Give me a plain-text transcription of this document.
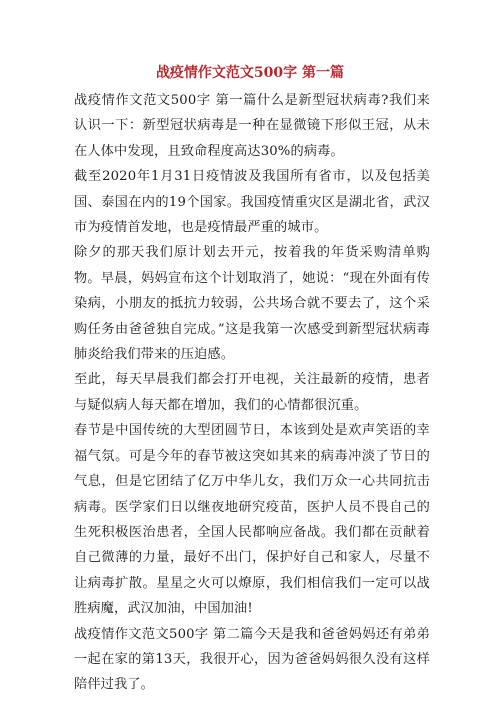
战疫情作文范文500字 第一篇

战疫情作文范文500字 第一篇什么是新型冠状病毒?我们来认识一下：新型冠状病毒是一种在显微镜下形似王冠，从未在人体中发现，且致命程度高达30%的病毒。

截至2020年1月31日疫情波及我国所有省市，以及包括美国、泰国在内的19个国家。我国疫情重灾区是湖北省，武汉市为疫情首发地，也是疫情最严重的城市。

除夕的那天我们原计划去开元，按着我的年货采购清单购物。早晨，妈妈宣布这个计划取消了，她说：“现在外面有传染病，小朋友的抵抗力较弱，公共场合就不要去了，这个采购任务由爸爸独自完成。”这是我第一次感受到新型冠状病毒肺炎给我们带来的压迫感。

至此，每天早晨我们都会打开电视，关注最新的疫情，患者与疑似病人每天都在增加，我们的心情都很沉重。

春节是中国传统的大型团圆节日，本该到处是欢声笑语的幸福气氛。可是今年的春节被这突如其来的病毒冲淡了节日的气息，但是它团结了亿万中华儿女，我们万众一心共同抗击病毒。医学家们日以继夜地研究疫苗，医护人员不畏自己的生死积极医治患者，全国人民都响应备战。我们都在贡献着自己微薄的力量，最好不出门，保护好自己和家人，尽量不让病毒扩散。星星之火可以燎原，我们相信我们一定可以战胜病魔，武汉加油，中国加油!

战疫情作文范文500字 第二篇今天是我和爸爸妈妈还有弟弟一起在家的第13天，我很开心，因为爸爸妈妈很久没有这样陪伴过我了。
